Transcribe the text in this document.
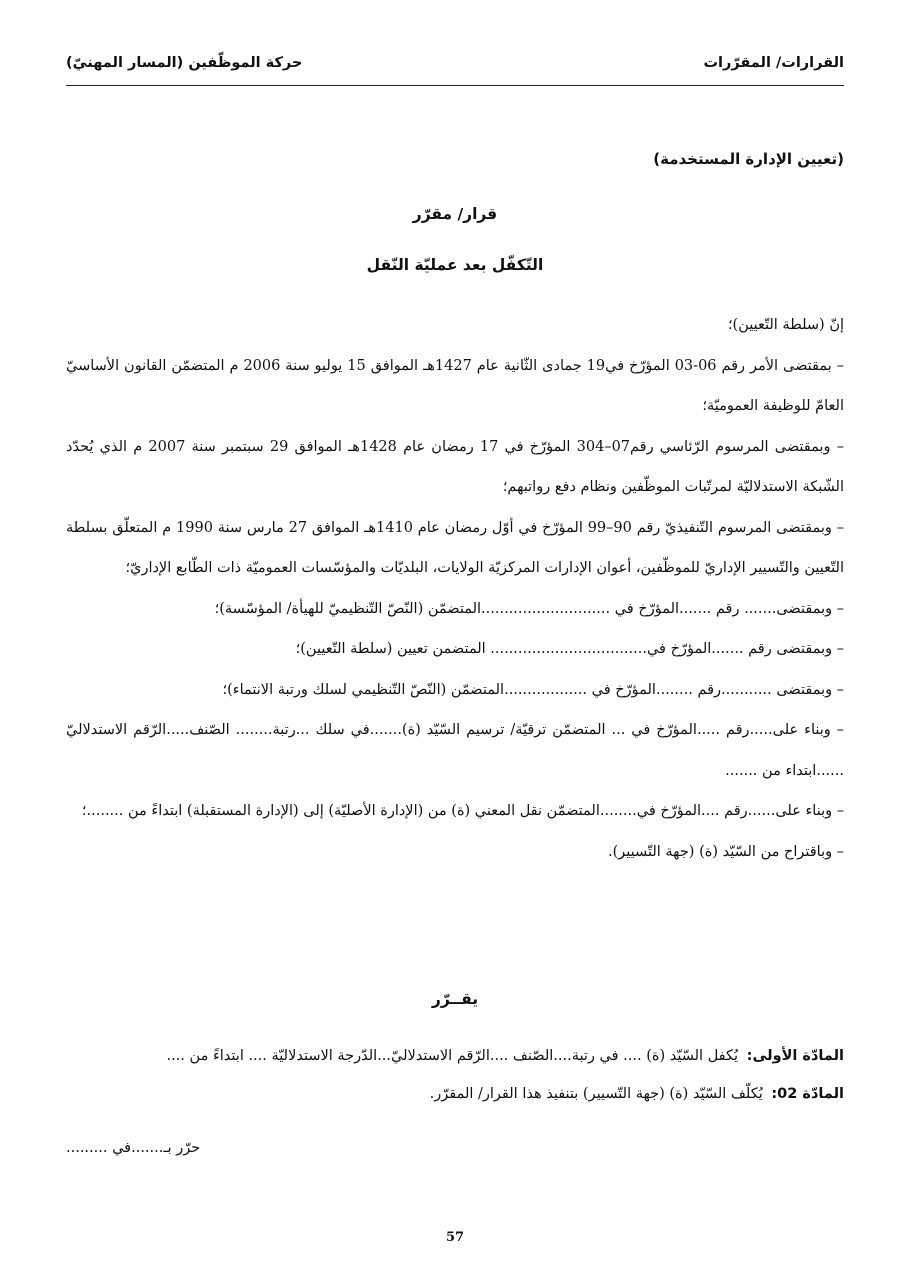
القرارات/ المقرّرات
حركة الموظّفين (المسار المهنيّ)
(تعيين الإدارة المستخدمة)
قرار/ مقرّر
التّكفّل بعد عمليّة النّقل

إنّ (سلطة التّعيين)؛

– بمقتضى الأمر رقم 06-03 المؤرّخ في19 جمادى الثّانية عام 1427هـ الموافق 15 يوليو سنة 2006 م المتضمّن القانون الأساسيّ العامّ للوظيفة العموميّة؛

– وبمقتضى المرسوم الرّئاسي رقم07–304 المؤرّخ في 17 رمضان عام 1428هـ الموافق 29 سبتمبر سنة 2007 م الذي يُحدّد الشّبكة الاستدلاليّة لمرتّبات الموظّفين ونظام دفع رواتبهم؛

– وبمقتضى المرسوم التّنفيذيّ رقم 90–99 المؤرّخ في أوّل رمضان عام 1410هـ الموافق 27 مارس سنة 1990 م المتعلّق بسلطة التّعيين والتّسيير الإداريّ للموظّفين، أعوان الإدارات المركزيّة الولايات، البلديّات والمؤسّسات العموميّة ذات الطّابع الإداريّ؛

– وبمقتضى....... رقم .......المؤرّخ في ............................المتضمّن (النّصّ التّنظيميّ للهيأة/ المؤسّسة)؛

– وبمقتضى رقم .......المؤرّخ في.................................. المتضمن تعيين (سلطة التّعيين)؛

– وبمقتضى ...........رقم ........المؤرّخ في ..................المتضمّن (النّصّ التّنظيمي لسلك ورتبة الانتماء)؛

– وبناء على.....رقم .....المؤرّخ في ... المتضمّن ترقيّة/ ترسيم السّيّد (ة).......في سلك ...رتبة........ الصّنف.....الرّقم الاستدلاليّ ......ابتداء من .......

– وبناء على......رقم ....المؤرّخ في........المتضمّن نقل المعني (ة) من (الإدارة الأصليّة) إلى (الإدارة المستقبلة) ابتداءً من ........؛

– وباقتراح من السّيّد (ة) (جهة التّسيير).

يقــرّر

المادّة الأولى: يُكفل السّيّد (ة) .... في رتبة....الصّنف ....الرّقم الاستدلاليّ...الدّرجة الاستدلاليّة .... ابتداءً من ....

المادّة 02: يُكلّف السّيّد (ة) (جهة التّسيير) بتنفيذ هذا القرار/ المقرّر.

حرّر بـ.......في .........
57
